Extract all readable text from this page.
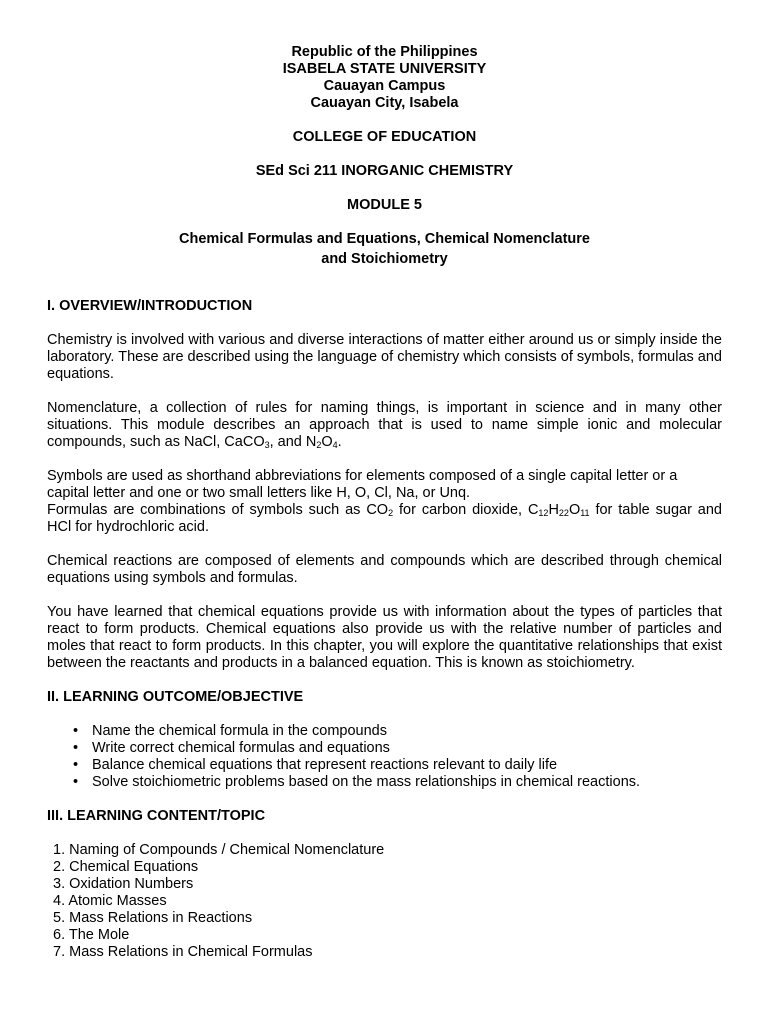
Republic of the Philippines
ISABELA STATE UNIVERSITY
Cauayan Campus
Cauayan City, Isabela
COLLEGE OF EDUCATION
SEd Sci 211 INORGANIC CHEMISTRY
MODULE 5
Chemical Formulas and Equations, Chemical Nomenclature
and Stoichiometry
I. OVERVIEW/INTRODUCTION

Chemistry is involved with various and diverse interactions of matter either around us or simply inside the laboratory. These are described using the language of chemistry which consists of symbols, formulas and equations.

Nomenclature, a collection of rules for naming things, is important in science and in many other situations. This module describes an approach that is used to name simple ionic and molecular compounds, such as NaCl, CaCO$_3$, and $N_2O_4$.

Symbols are used as shorthand abbreviations for elements composed of a single capital letter or a capital letter and one or two small letters like H, O, Cl, Na, or Unq.

Formulas are combinations of symbols such as $CO_2$ for carbon dioxide, $C_{12}H_{22}O_{11}$ for table sugar and HCl for hydrochloric acid.

Chemical reactions are composed of elements and compounds which are described through chemical equations using symbols and formulas.

You have learned that chemical equations provide us with information about the types of particles that react to form products. Chemical equations also provide us with the relative number of particles and moles that react to form products. In this chapter, you will explore the quantitative relationships that exist between the reactants and products in a balanced equation. This is known as stoichiometry.

II. LEARNING OUTCOME/OBJECTIVE
• Name the chemical formula in the compounds
• Write correct chemical formulas and equations
• Balance chemical equations that represent reactions relevant to daily life
• Solve stoichiometric problems based on the mass relationships in chemical reactions.
III. LEARNING CONTENT/TOPIC
1. Naming of Compounds / Chemical Nomenclature
2. Chemical Equations
3. Oxidation Numbers
4. Atomic Masses
5. Mass Relations in Reactions
6. The Mole
7. Mass Relations in Chemical Formulas
